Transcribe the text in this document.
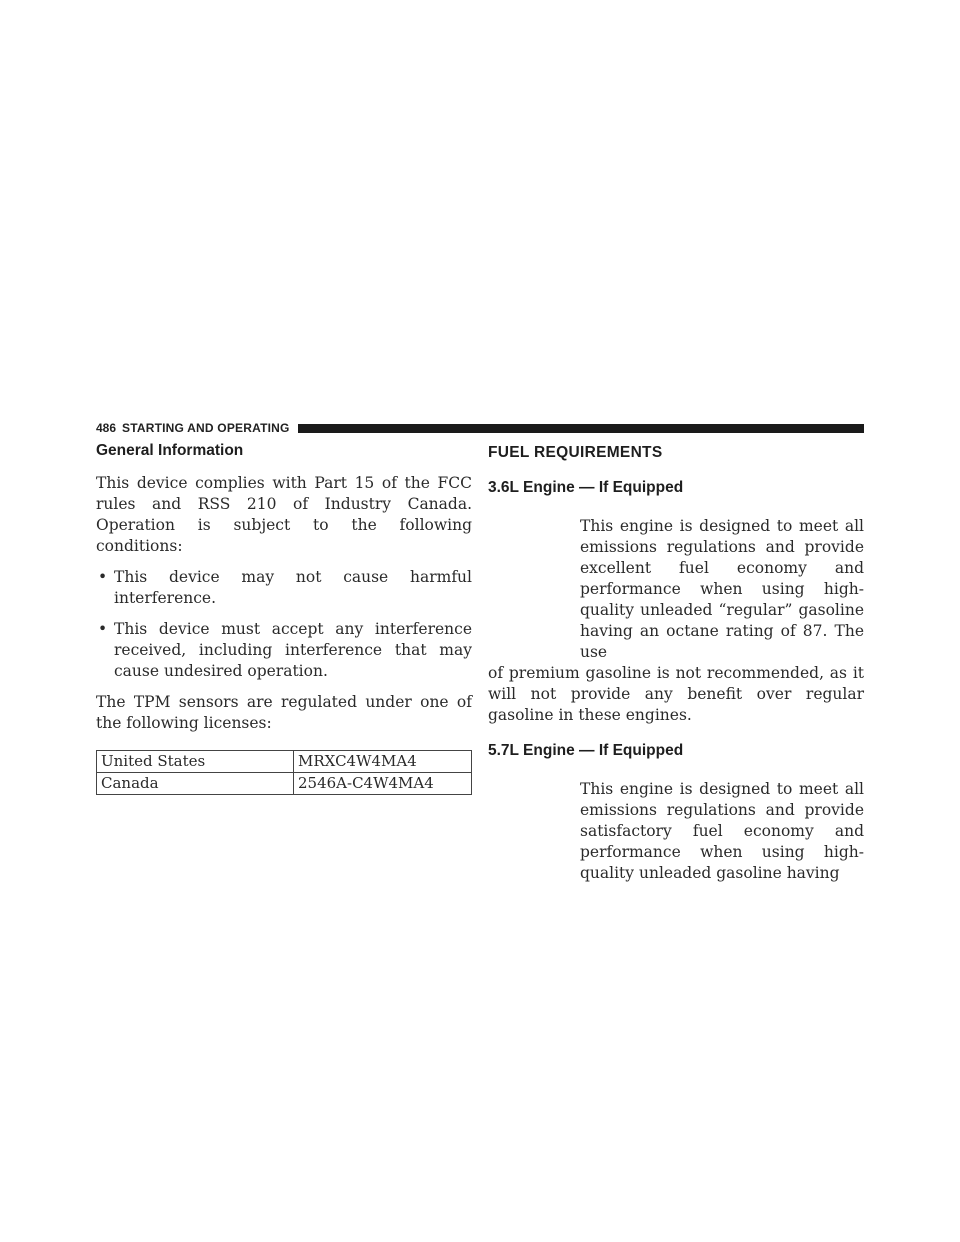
486 STARTING AND OPERATING
General Information

This device complies with Part 15 of the FCC rules and RSS 210 of Industry Canada. Operation is subject to the following conditions:

• This device may not cause harmful interference.
• This device must accept any interference received, including interference that may cause undesired operation.

The TPM sensors are regulated under one of the following licenses:

United States	MRXC4W4MA4
Canada	2546A-C4W4MA4
FUEL REQUIREMENTS
3.6L Engine — If Equipped

This engine is designed to meet all emissions regulations and provide excellent fuel economy and performance when using high-quality unleaded “regular” gasoline having an octane rating of 87. The use

of premium gasoline is not recommended, as it will not provide any benefit over regular gasoline in these engines.

5.7L Engine — If Equipped

This engine is designed to meet all emissions regulations and provide satisfactory fuel economy and performance when using high-quality unleaded gasoline having
